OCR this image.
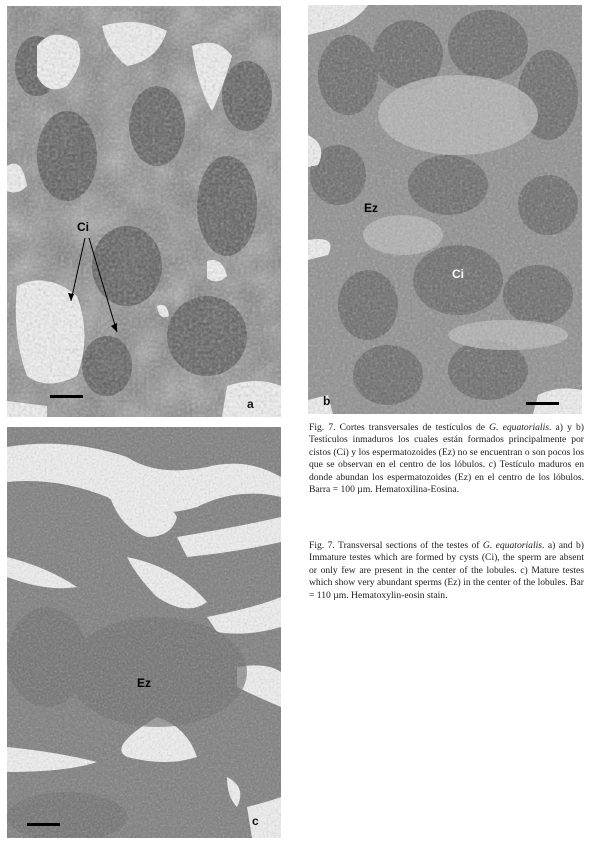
Ci
a
Ez
Ci
b
Ez
c

Fig. 7. Cortes transversales de testículos de G. equatorialis. a) y b) Testículos inmaduros los cuales están formados principalmente por cistos (Ci) y los espermatozoides (Ez) no se encuentran o son pocos los que se observan en el centro de los lóbulos. c) Testículo maduros en donde abundan los espermatozoides (Ez) en el centro de los lóbulos. Barra = 100 µm. Hematoxilina-Eosina.

Fig. 7. Transversal sections of the testes of G. equatorialis. a) and b) Immature testes which are formed by cysts (Ci), the sperm are absent or only few are present in the center of the lobules. c) Mature testes which show very abundant sperms (Ez) in the center of the lobules. Bar = 110 µm. Hematoxylin-eosin stain.
